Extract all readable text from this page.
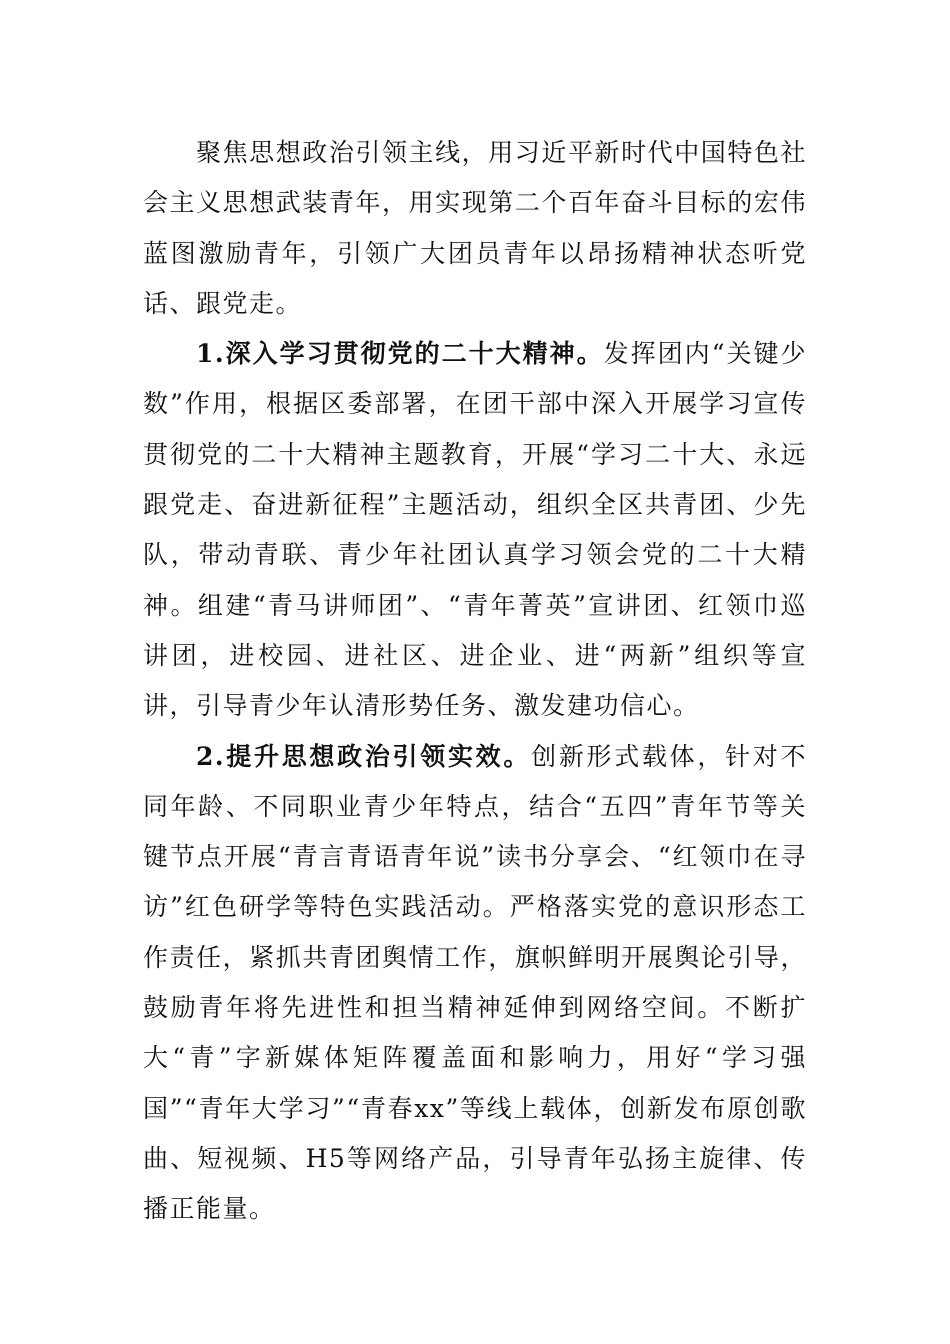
聚焦思想政治引领主线，用习近平新时代中国特色社会主义思想武装青年，用实现第二个百年奋斗目标的宏伟蓝图激励青年，引领广大团员青年以昂扬精神状态听党话、跟党走。

1.深入学习贯彻党的二十大精神。发挥团内“关键少数”作用，根据区委部署，在团干部中深入开展学习宣传贯彻党的二十大精神主题教育，开展“学习二十大、永远跟党走、奋进新征程”主题活动，组织全区共青团、少先队，带动青联、青少年社团认真学习领会党的二十大精神。组建“青马讲师团”、“青年菁英”宣讲团、红领巾巡讲团，进校园、进社区、进企业、进“两新”组织等宣讲，引导青少年认清形势任务、激发建功信心。

2.提升思想政治引领实效。创新形式载体，针对不同年龄、不同职业青少年特点，结合“五四”青年节等关键节点开展“青言青语青年说”读书分享会、“红领巾在寻访”红色研学等特色实践活动。严格落实党的意识形态工作责任，紧抓共青团舆情工作，旗帜鲜明开展舆论引导，鼓励青年将先进性和担当精神延伸到网络空间。不断扩大“青”字新媒体矩阵覆盖面和影响力，用好“学习强国”“青年大学习”“青春xx”等线上载体，创新发布原创歌曲、短视频、H5等网络产品，引导青年弘扬主旋律、传播正能量。
